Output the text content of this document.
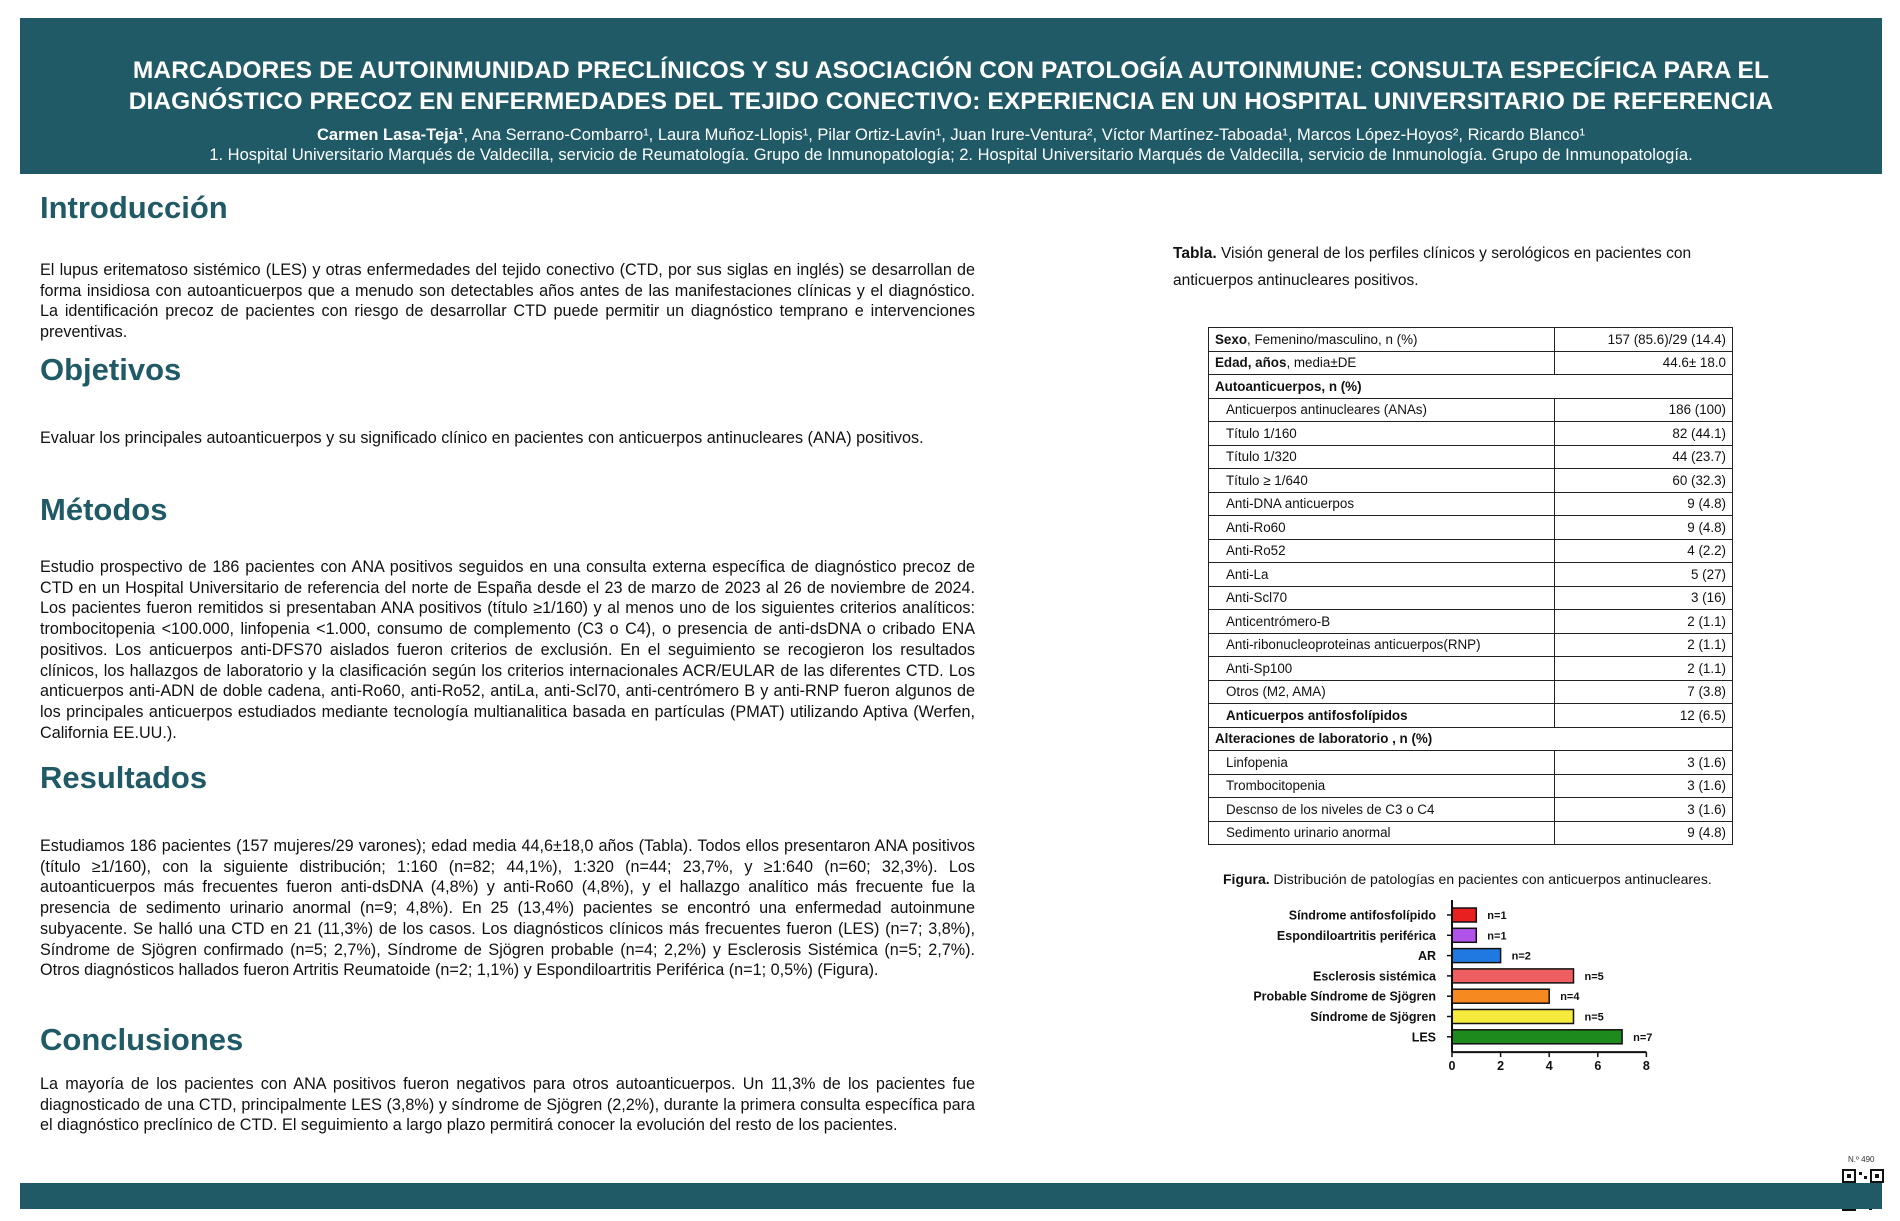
MARCADORES DE AUTOINMUNIDAD PRECLÍNICOS Y SU ASOCIACIÓN CON PATOLOGÍA AUTOINMUNE: CONSULTA ESPECÍFICA PARA EL
DIAGNÓSTICO PRECOZ EN ENFERMEDADES DEL TEJIDO CONECTIVO: EXPERIENCIA EN UN HOSPITAL UNIVERSITARIO DE REFERENCIA
Carmen Lasa-Teja¹, Ana Serrano-Combarro¹, Laura Muñoz-Llopis¹, Pilar Ortiz-Lavín¹, Juan Irure-Ventura², Víctor Martínez-Taboada¹, Marcos López-Hoyos², Ricardo Blanco¹
1. Hospital Universitario Marqués de Valdecilla, servicio de Reumatología. Grupo de Inmunopatología; 2. Hospital Universitario Marqués de Valdecilla, servicio de Inmunología. Grupo de Inmunopatología.
Introducción

El lupus eritematoso sistémico (LES) y otras enfermedades del tejido conectivo (CTD, por sus siglas en inglés) se desarrollan de forma insidiosa con autoanticuerpos que a menudo son detectables años antes de las manifestaciones clínicas y el diagnóstico. La identificación precoz de pacientes con riesgo de desarrollar CTD puede permitir un diagnóstico temprano e intervenciones preventivas.

Objetivos

Evaluar los principales autoanticuerpos y su significado clínico en pacientes con anticuerpos antinucleares (ANA) positivos.

Métodos

Estudio prospectivo de 186 pacientes con ANA positivos seguidos en una consulta externa específica de diagnóstico precoz de CTD en un Hospital Universitario de referencia del norte de España desde el 23 de marzo de 2023 al 26 de noviembre de 2024. Los pacientes fueron remitidos si presentaban ANA positivos (título ≥1/160) y al menos uno de los siguientes criterios analíticos: trombocitopenia <100.000, linfopenia <1.000, consumo de complemento (C3 o C4), o presencia de anti-dsDNA o cribado ENA positivos. Los anticuerpos anti-DFS70 aislados fueron criterios de exclusión. En el seguimiento se recogieron los resultados clínicos, los hallazgos de laboratorio y la clasificación según los criterios internacionales ACR/EULAR de las diferentes CTD. Los anticuerpos anti-ADN de doble cadena, anti-Ro60, anti-Ro52, antiLa, anti-Scl70, anti-centrómero B y anti-RNP fueron algunos de los principales anticuerpos estudiados mediante tecnología multianalitica basada en partículas (PMAT) utilizando Aptiva (Werfen, California EE.UU.).

Resultados

Estudiamos 186 pacientes (157 mujeres/29 varones); edad media 44,6±18,0 años (Tabla). Todos ellos presentaron ANA positivos (título ≥1/160), con la siguiente distribución; 1:160 (n=82; 44,1%), 1:320 (n=44; 23,7%, y ≥1:640 (n=60; 32,3%). Los autoanticuerpos más frecuentes fueron anti-dsDNA (4,8%) y anti-Ro60 (4,8%), y el hallazgo analítico más frecuente fue la presencia de sedimento urinario anormal (n=9; 4,8%). En 25 (13,4%) pacientes se encontró una enfermedad autoinmune subyacente. Se halló una CTD en 21 (11,3%) de los casos. Los diagnósticos clínicos más frecuentes fueron (LES) (n=7; 3,8%), Síndrome de Sjögren confirmado (n=5; 2,7%), Síndrome de Sjögren probable (n=4; 2,2%) y Esclerosis Sistémica (n=5; 2,7%). Otros diagnósticos hallados fueron Artritis Reumatoide (n=2; 1,1%) y Espondiloartritis Periférica (n=1; 0,5%) (Figura).

Conclusiones

La mayoría de los pacientes con ANA positivos fueron negativos para otros autoanticuerpos. Un 11,3% de los pacientes fue diagnosticado de una CTD, principalmente LES (3,8%) y síndrome de Sjögren (2,2%), durante la primera consulta específica para el diagnóstico preclínico de CTD. El seguimiento a largo plazo permitirá conocer la evolución del resto de los pacientes.

Tabla. Visión general de los perfiles clínicos y serológicos en pacientes con anticuerpos antinucleares positivos.
Sexo, Femenino/masculino, n (%)	157 (85.6)/29 (14.4)
Edad, años, media±DE	44.6± 18.0
Autoanticuerpos, n (%)	
Anticuerpos antinucleares (ANAs)	186 (100)
Título 1/160	82 (44.1)
Título 1/320	44 (23.7)
Título ≥ 1/640	60 (32.3)
Anti-DNA anticuerpos	9 (4.8)
Anti-Ro60	9 (4.8)
Anti-Ro52	4 (2.2)
Anti-La	5 (27)
Anti-Scl70	3 (16)
Anticentrómero-B	2 (1.1)
Anti-ribonucleoproteinas anticuerpos(RNP)	2 (1.1)
Anti-Sp100	2 (1.1)
Otros (M2, AMA)	7 (3.8)
Anticuerpos antifosfolípidos	12 (6.5)
Alteraciones de laboratorio , n (%)	
Linfopenia	3 (1.6)
Trombocitopenia	3 (1.6)
Descnso de los niveles de C3 o C4	3 (1.6)
Sedimento urinario anormal	9 (4.8)
Figura. Distribución de patologías en pacientes con anticuerpos antinucleares.
Síndrome antifosfolípido	n=1
Espondiloartritis periférica	n=1
AR	n=2
Esclerosis sistémica	n=5
Probable Síndrome de Sjögren	n=4
Síndrome de Sjögren	n=5
LES	n=7
0	2	4	6	8
N.º 490
